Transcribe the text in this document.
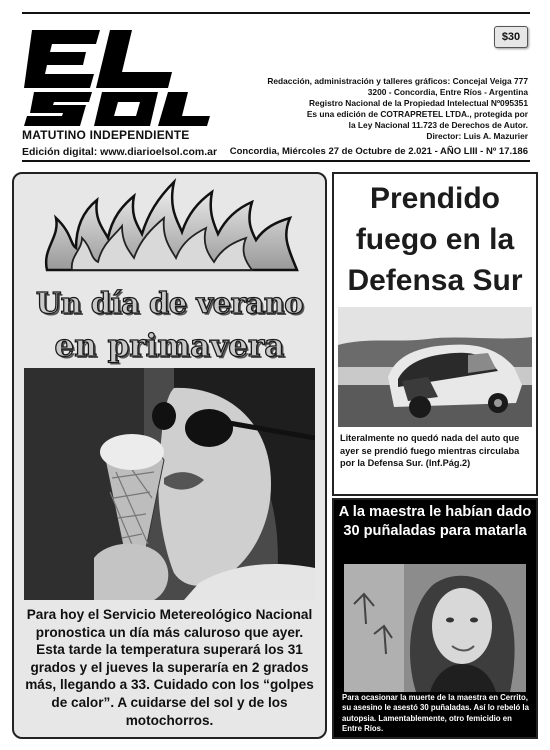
MATUTINO INDEPENDIENTE
Edición digital: www.diarioelsol.com.ar
$30
Redacción, administración y talleres gráficos: Concejal Veiga 777
3200 - Concordia, Entre Ríos - Argentina
Registro Nacional de la Propiedad Intelectual Nº095351
Es una edición de COTRAPRETEL LTDA., protegida por
la Ley Nacional 11.723 de Derechos de Autor.
Director: Luis A. Mazurier
Concordia, Miércoles 27 de Octubre de 2.021 - AÑO LIII - Nº 17.186
Un día de verano
en primavera
Para hoy el Servicio Metereológico Nacional pronostica un día más caluroso que ayer. Esta tarde la temperatura superará los 31 grados y el jueves la superaría en 2 grados más, llegando a 33. Cuidado con los “golpes de calor”. A cuidarse del sol y de los motochorros.
Prendido fuego en la Defensa Sur
Literalmente no quedó nada del auto que ayer se prendió fuego mientras circulaba por la Defensa Sur. (Inf.Pág.2)
A la maestra le habían dado 30 puñaladas para matarla
Para ocasionar la muerte de la maestra en Cerrito, su asesino le asestó 30 puñaladas. Así lo rebeló la autopsia. Lamentablemente, otro femicidio en Entre Ríos.
